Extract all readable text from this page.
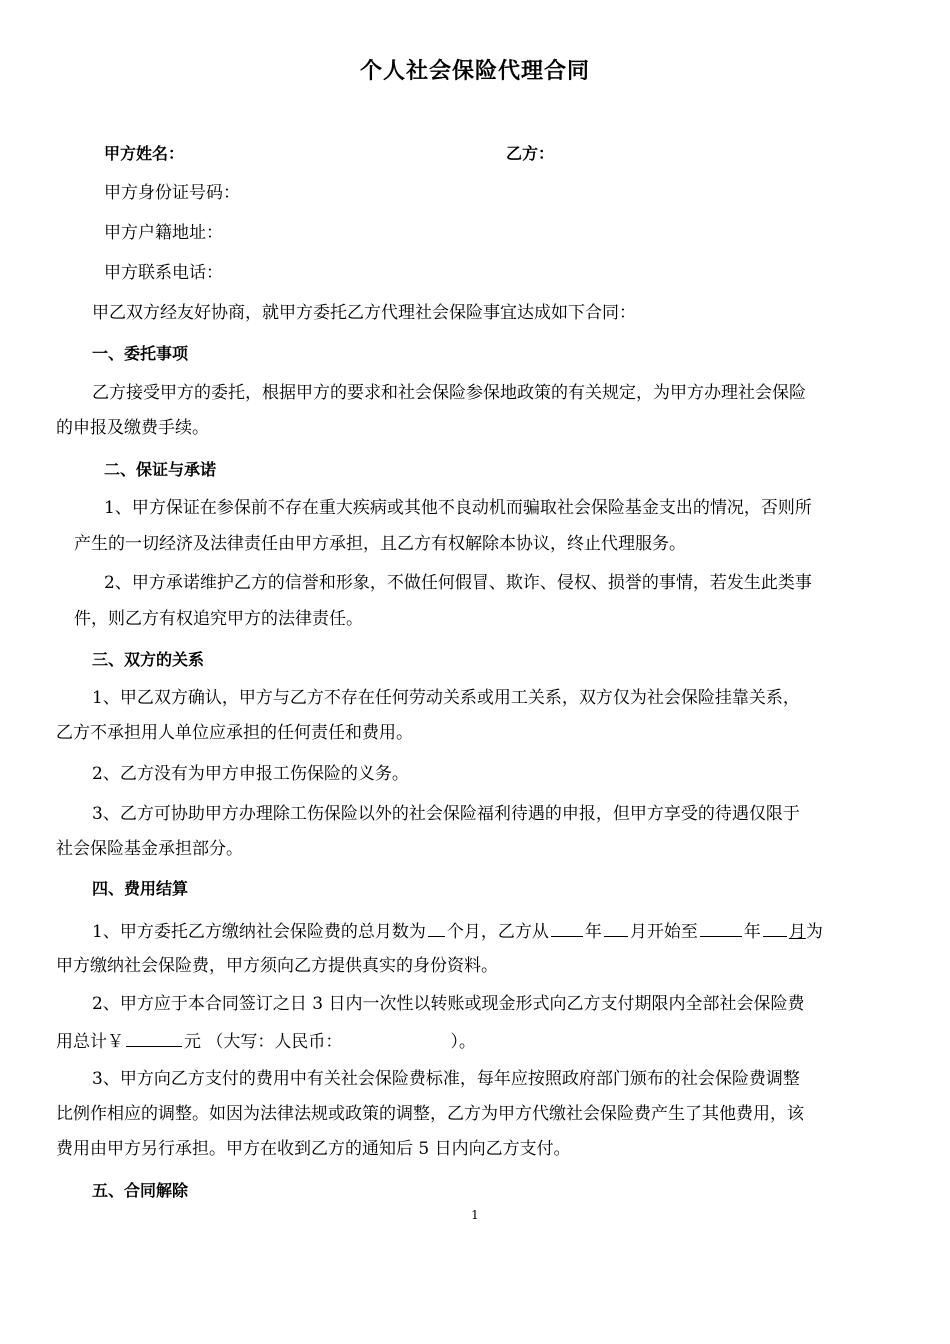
个人社会保险代理合同
甲方姓名：	乙方：
甲方身份证号码：
甲方户籍地址：
甲方联系电话：
甲乙双方经友好协商，就甲方委托乙方代理社会保险事宜达成如下合同：
一、委托事项
乙方接受甲方的委托，根据甲方的要求和社会保险参保地政策的有关规定，为甲方办理社会保险
的申报及缴费手续。
二、保证与承诺
1、甲方保证在参保前不存在重大疾病或其他不良动机而骗取社会保险基金支出的情况，否则所
产生的一切经济及法律责任由甲方承担，且乙方有权解除本协议，终止代理服务。
2、甲方承诺维护乙方的信誉和形象，不做任何假冒、欺诈、侵权、损誉的事情，若发生此类事
件，则乙方有权追究甲方的法律责任。
三、双方的关系
1、甲乙双方确认，甲方与乙方不存在任何劳动关系或用工关系，双方仅为社会保险挂靠关系，
乙方不承担用人单位应承担的任何责任和费用。
2、乙方没有为甲方申报工伤保险的义务。
3、乙方可协助甲方办理除工伤保险以外的社会保险福利待遇的申报，但甲方享受的待遇仅限于
社会保险基金承担部分。
四、费用结算
1、甲方委托乙方缴纳社会保险费的总月数为 个月，乙方从 年 月开始至	年 月为
甲方缴纳社会保险费，甲方须向乙方提供真实的身份资料。
2、甲方应于本合同签订之日 3 日内一次性以转账或现金形式向乙方支付期限内全部社会保险费
用总计￥	元 （大写：人民币：	）。
3、甲方向乙方支付的费用中有关社会保险费标准，每年应按照政府部门颁布的社会保险费调整
比例作相应的调整。如因为法律法规或政策的调整，乙方为甲方代缴社会保险费产生了其他费用，该
费用由甲方另行承担。甲方在收到乙方的通知后 5 日内向乙方支付。
五、合同解除
1
